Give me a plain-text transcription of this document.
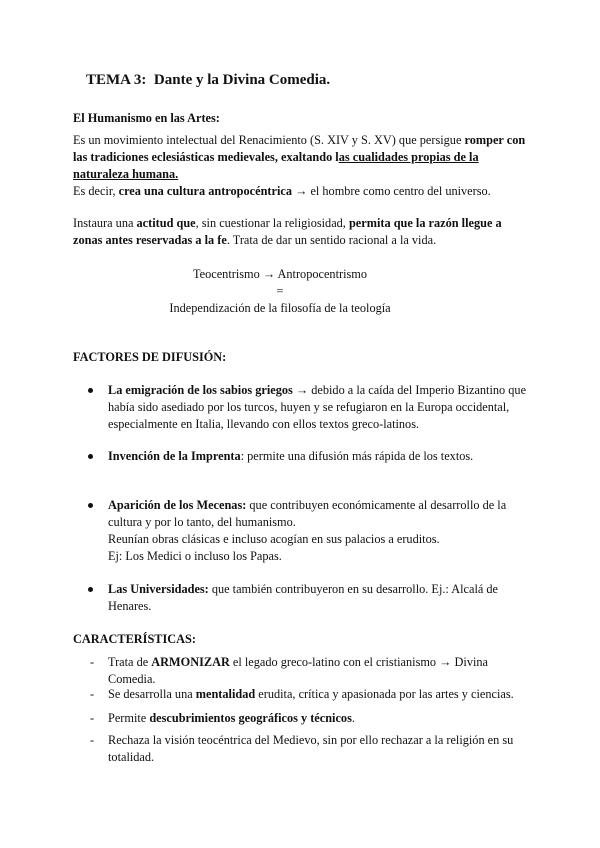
TEMA 3: Dante y la Divina Comedia.
El Humanismo en las Artes:

Es un movimiento intelectual del Renacimiento (S. XIV y S. XV) que persigue romper con las tradiciones eclesiásticas medievales, exaltando las cualidades propias de la naturaleza humana.

Es decir, crea una cultura antropocéntrica → el hombre como centro del universo.

Instaura una actitud que, sin cuestionar la religiosidad, permita que la razón llegue a zonas antes reservadas a la fe. Trata de dar un sentido racional a la vida.

Teocentrismo → Antropocentrismo
=
Independización de la filosofía de la teología
FACTORES DE DIFUSIÓN:
La emigración de los sabios griegos → debido a la caída del Imperio Bizantino que había sido asediado por los turcos, huyen y se refugiaron en la Europa occidental, especialmente en Italia, llevando con ellos textos greco-latinos.
Invención de la Imprenta: permite una difusión más rápida de los textos.
Aparición de los Mecenas: que contribuyen económicamente al desarrollo de la cultura y por lo tanto, del humanismo.

Reunían obras clásicas e incluso acogían en sus palacios a eruditos.

Ej: Los Medici o incluso los Papas.

Las Universidades: que también contribuyeron en su desarrollo. Ej.: Alcalá de Henares.
CARACTERÍSTICAS:
- Trata de ARMONIZAR el legado greco-latino con el cristianismo → Divina Comedia.
- Se desarrolla una mentalidad erudita, crítica y apasionada por las artes y ciencias.
- Permite descubrimientos geográficos y técnicos.
- Rechaza la visión teocéntrica del Medievo, sin por ello rechazar a la religión en su totalidad.
